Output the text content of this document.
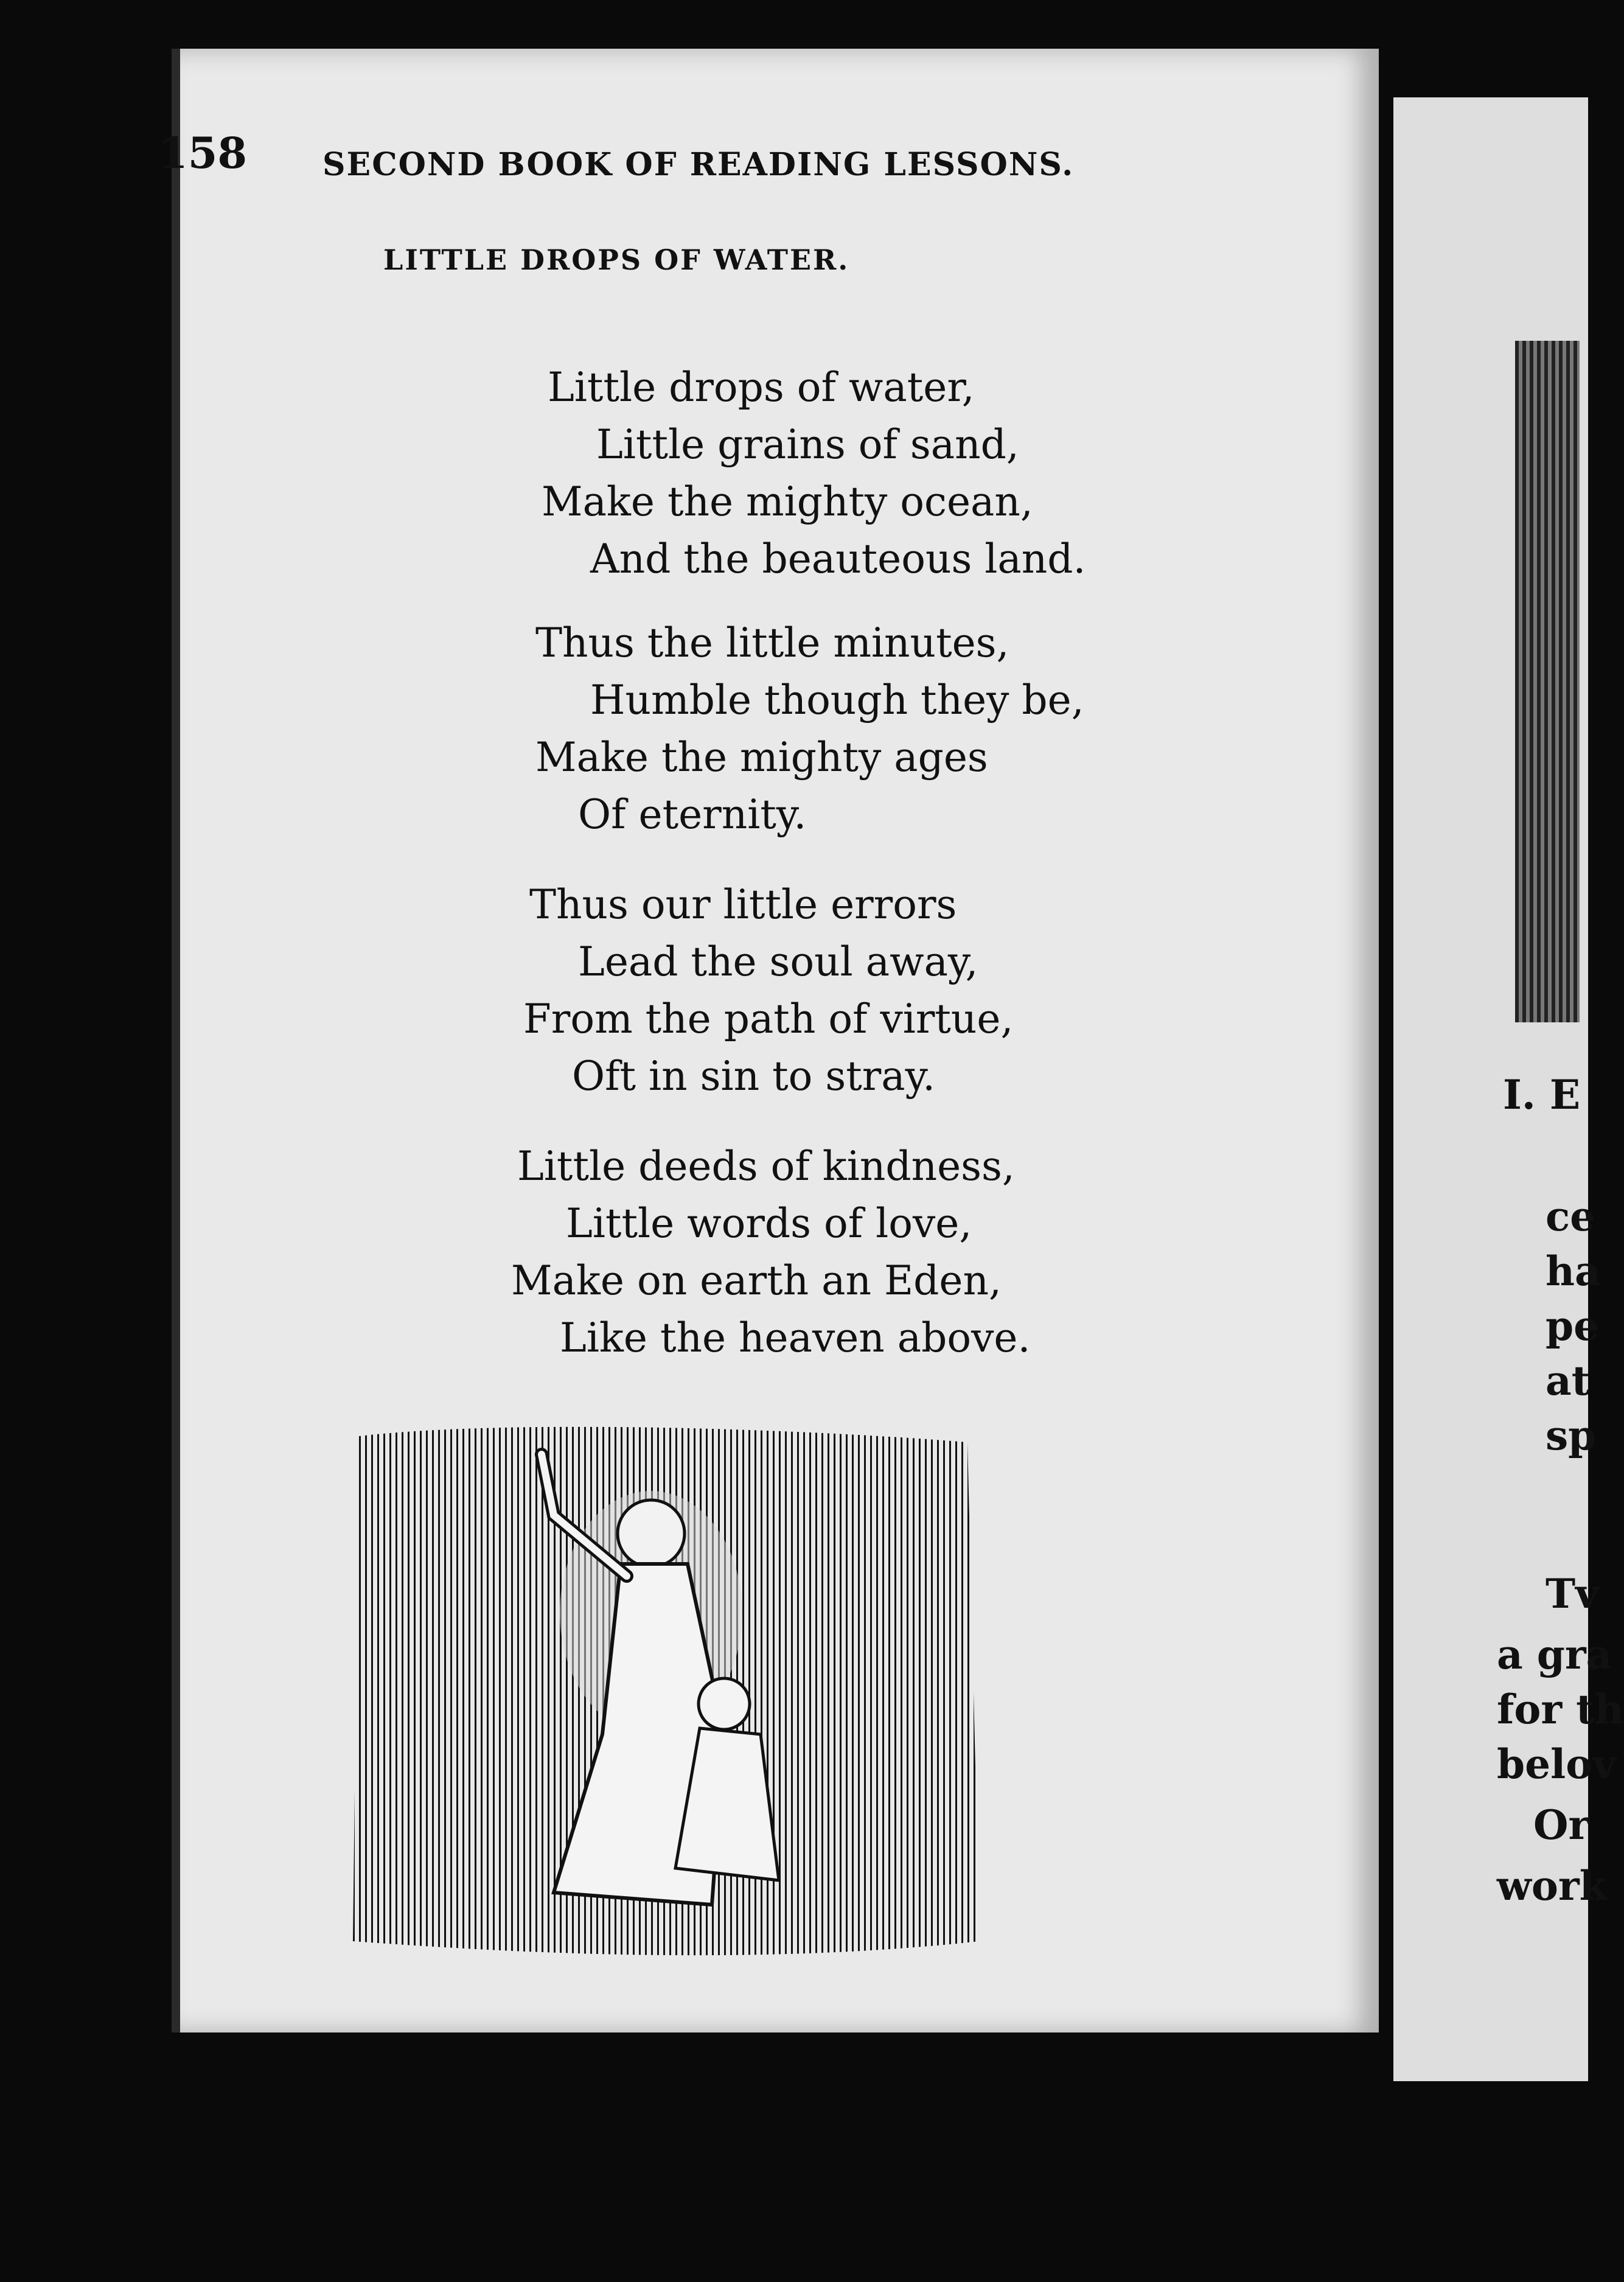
158 SECOND BOOK OF READING LESSONS.
LITTLE DROPS OF WATER.
Little drops of water,
Little grains of sand,
Make the mighty ocean,
And the beauteous land.
Thus the little minutes,
Humble though they be,
Make the mighty ages
Of eternity.
Thus our little errors
Lead the soul away,
From the path of virtue,
Oft in sin to stray.
Little deeds of kindness,
Little words of love,
Make on earth an Eden,
Like the heaven above.
I. E
ce
ha
pe
at
sp
Tv
a gra
for th
belov
Or
work
